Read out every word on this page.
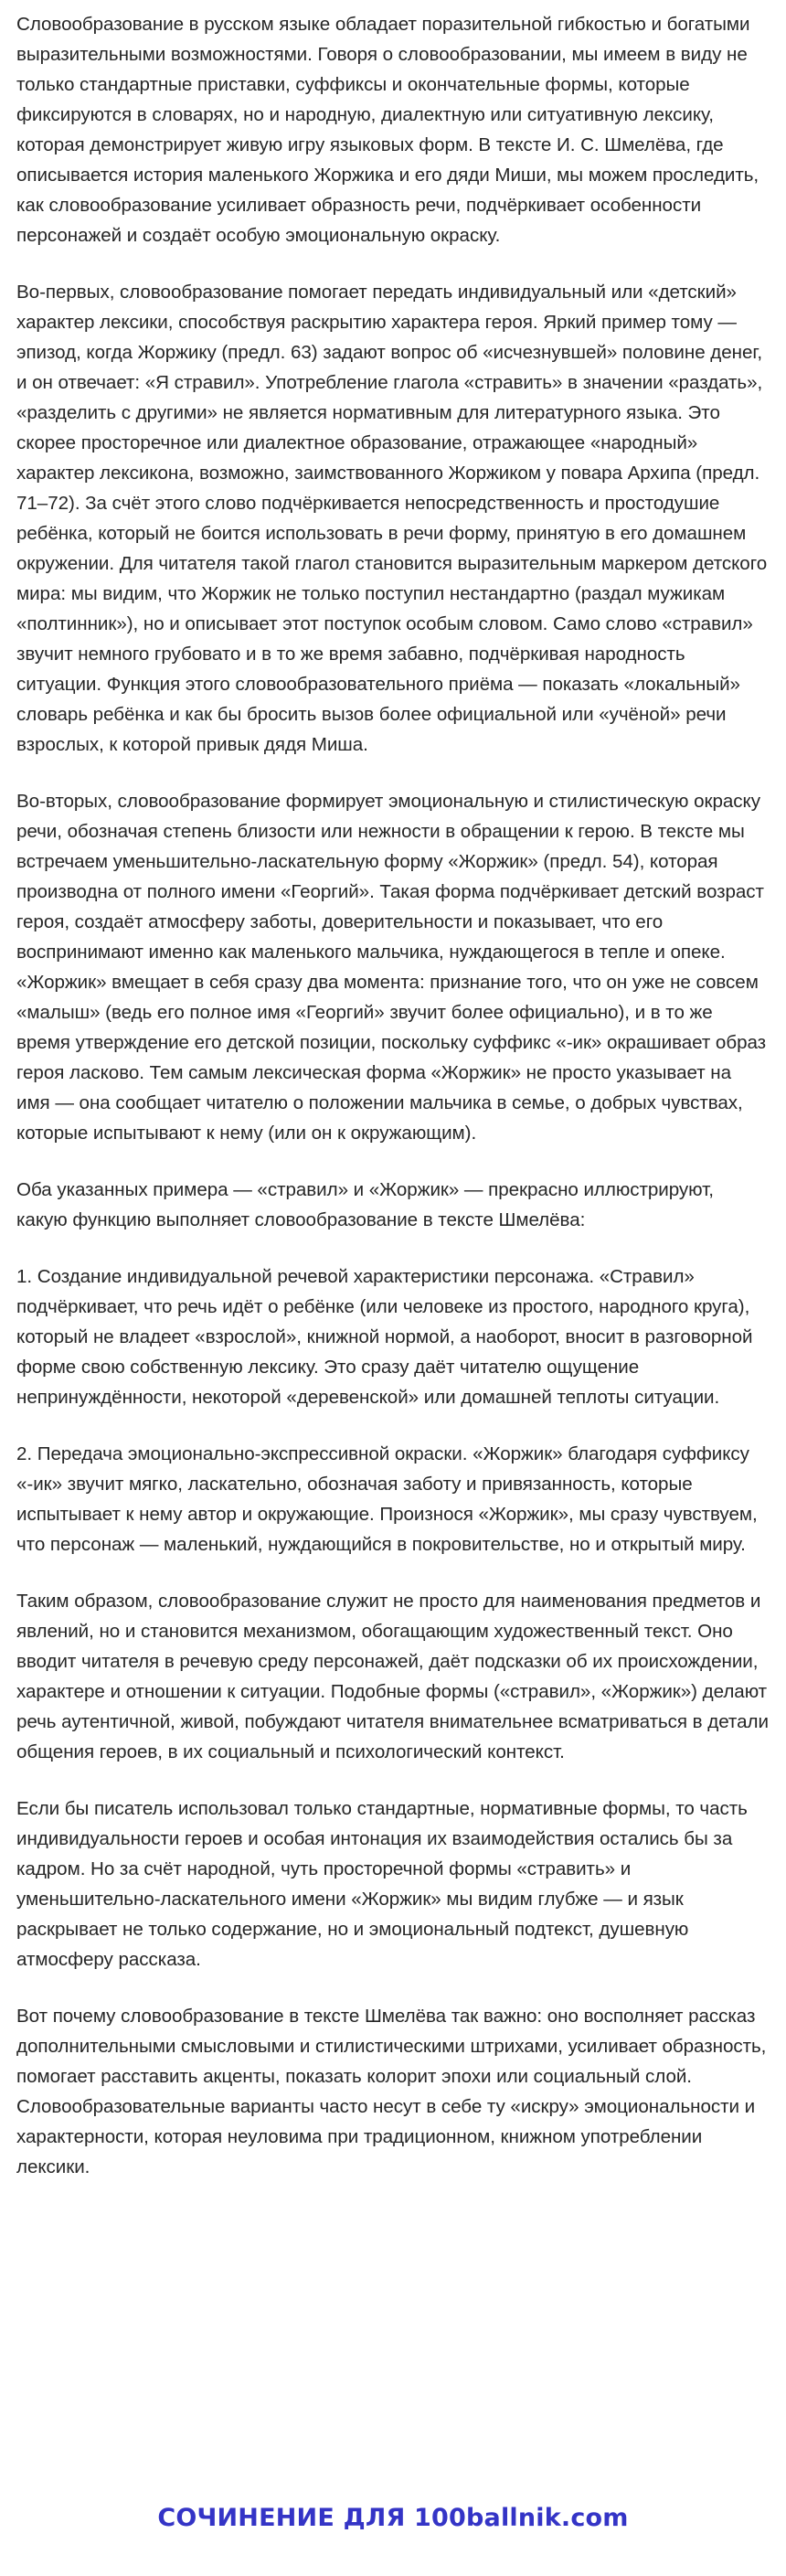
Словообразование в русском языке обладает поразительной гибкостью и богатыми выразительными возможностями. Говоря о словообразовании, мы имеем в виду не только стандартные приставки, суффиксы и окончательные формы, которые фиксируются в словарях, но и народную, диалектную или ситуативную лексику, которая демонстрирует живую игру языковых форм. В тексте И. С. Шмелёва, где описывается история маленького Жоржика и его дяди Миши, мы можем проследить, как словообразование усиливает образность речи, подчёркивает особенности персонажей и создаёт особую эмоциональную окраску.

Во-первых, словообразование помогает передать индивидуальный или «детский» характер лексики, способствуя раскрытию характера героя. Яркий пример тому — эпизод, когда Жоржику (предл. 63) задают вопрос об «исчезнувшей» половине денег, и он отвечает: «Я стравил». Употребление глагола «стравить» в значении «раздать», «разделить с другими» не является нормативным для литературного языка. Это скорее просторечное или диалектное образование, отражающее «народный» характер лексикона, возможно, заимствованного Жоржиком у повара Архипа (предл. 71–72). За счёт этого слово подчёркивается непосредственность и простодушие ребёнка, который не боится использовать в речи форму, принятую в его домашнем окружении. Для читателя такой глагол становится выразительным маркером детского мира: мы видим, что Жоржик не только поступил нестандартно (раздал мужикам «полтинник»), но и описывает этот поступок особым словом. Само слово «стравил» звучит немного грубовато и в то же время забавно, подчёркивая народность ситуации. Функция этого словообразовательного приёма — показать «локальный» словарь ребёнка и как бы бросить вызов более официальной или «учёной» речи взрослых, к которой привык дядя Миша.

Во-вторых, словообразование формирует эмоциональную и стилистическую окраску речи, обозначая степень близости или нежности в обращении к герою. В тексте мы встречаем уменьшительно-ласкательную форму «Жоржик» (предл. 54), которая производна от полного имени «Георгий». Такая форма подчёркивает детский возраст героя, создаёт атмосферу заботы, доверительности и показывает, что его воспринимают именно как маленького мальчика, нуждающегося в тепле и опеке. «Жоржик» вмещает в себя сразу два момента: признание того, что он уже не совсем «малыш» (ведь его полное имя «Георгий» звучит более официально), и в то же время утверждение его детской позиции, поскольку суффикс «-ик» окрашивает образ героя ласково. Тем самым лексическая форма «Жоржик» не просто указывает на имя — она сообщает читателю о положении мальчика в семье, о добрых чувствах, которые испытывают к нему (или он к окружающим).

Оба указанных примера — «стравил» и «Жоржик» — прекрасно иллюстрируют, какую функцию выполняет словообразование в тексте Шмелёва:

1. Создание индивидуальной речевой характеристики персонажа. «Стравил» подчёркивает, что речь идёт о ребёнке (или человеке из простого, народного круга), который не владеет «взрослой», книжной нормой, а наоборот, вносит в разговорной форме свою собственную лексику. Это сразу даёт читателю ощущение непринуждённости, некоторой «деревенской» или домашней теплоты ситуации.

2. Передача эмоционально-экспрессивной окраски. «Жоржик» благодаря суффиксу «-ик» звучит мягко, ласкательно, обозначая заботу и привязанность, которые испытывает к нему автор и окружающие. Произнося «Жоржик», мы сразу чувствуем, что персонаж — маленький, нуждающийся в покровительстве, но и открытый миру.

Таким образом, словообразование служит не просто для наименования предметов и явлений, но и становится механизмом, обогащающим художественный текст. Оно вводит читателя в речевую среду персонажей, даёт подсказки об их происхождении, характере и отношении к ситуации. Подобные формы («стравил», «Жоржик») делают речь аутентичной, живой, побуждают читателя внимательнее всматриваться в детали общения героев, в их социальный и психологический контекст.

Если бы писатель использовал только стандартные, нормативные формы, то часть индивидуальности героев и особая интонация их взаимодействия остались бы за кадром. Но за счёт народной, чуть просторечной формы «стравить» и уменьшительно-ласкательного имени «Жоржик» мы видим глубже — и язык раскрывает не только содержание, но и эмоциональный подтекст, душевную атмосферу рассказа.

Вот почему словообразование в тексте Шмелёва так важно: оно восполняет рассказ дополнительными смысловыми и стилистическими штрихами, усиливает образность, помогает расставить акценты, показать колорит эпохи или социальный слой. Словообразовательные варианты часто несут в себе ту «искру» эмоциональности и характерности, которая неуловима при традиционном, книжном употреблении лексики.

СОЧИНЕНИЕ ДЛЯ 100ballnik.com
